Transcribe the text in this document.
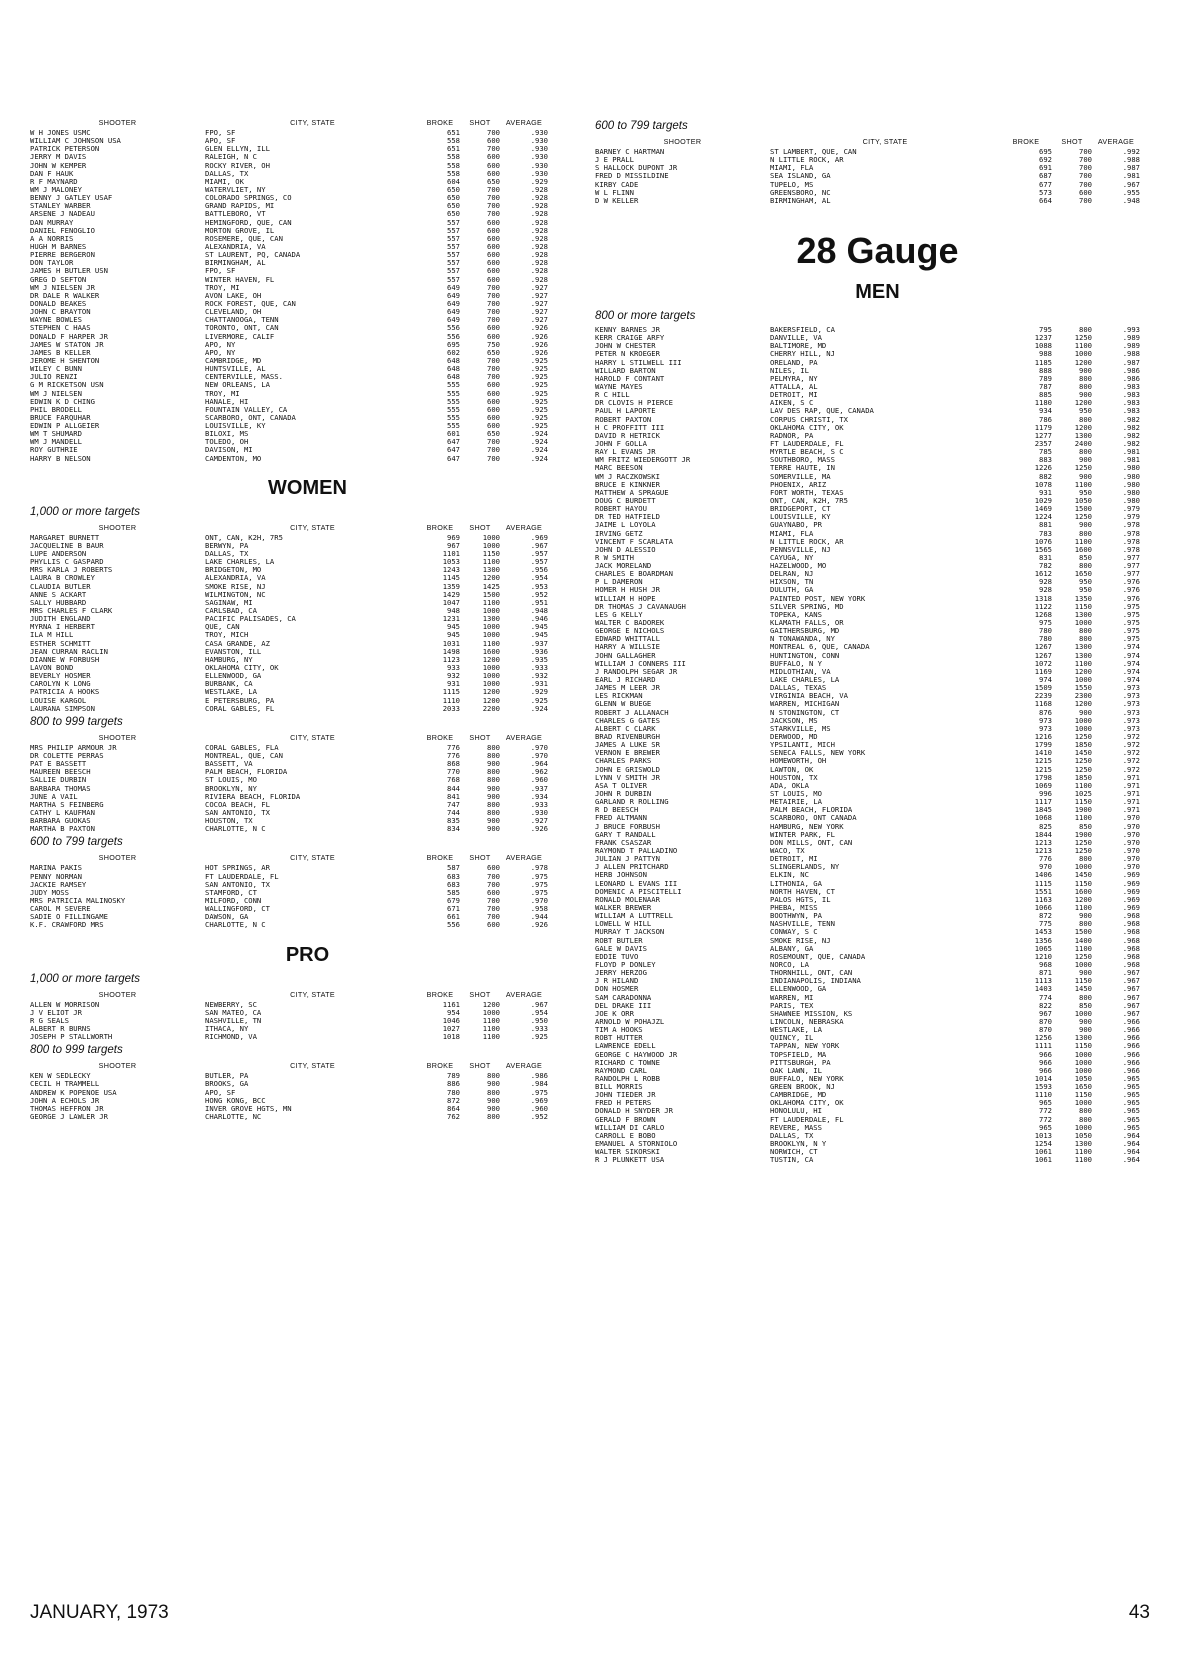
SHOOTER	CITY, STATE	BROKE	SHOT	AVERAGE
W H JONES USMC	FPO, SF	651	700	.930
WILLIAM C JOHNSON USA	APO, SF	558	600	.930
PATRICK PETERSON	GLEN ELLYN, ILL	651	700	.930
JERRY M DAVIS	RALEIGH, N C	558	600	.930
JOHN W KEMPER	ROCKY RIVER, OH	558	600	.930
DAN F HAUK	DALLAS, TX	558	600	.930
R F MAYNARD	MIAMI, OK	604	650	.929
WM J MALONEY	WATERVLIET, NY	650	700	.928
BENNY J GATLEY USAF	COLORADO SPRINGS, CO	650	700	.928
STANLEY WARBER	GRAND RAPIDS, MI	650	700	.928
ARSENE J NADEAU	BATTLEBORO, VT	650	700	.928
DAN MURRAY	HEMINGFORD, QUE, CAN	557	600	.928
DANIEL FENOGLIO	MORTON GROVE, IL	557	600	.928
A A NORRIS	ROSEMERE, QUE, CAN	557	600	.928
HUGH M BARNES	ALEXANDRIA, VA	557	600	.928
PIERRE BERGERON	ST LAURENT, PQ, CANADA	557	600	.928
DON TAYLOR	BIRMINGHAM, AL	557	600	.928
JAMES H BUTLER USN	FPO, SF	557	600	.928
GREG D SEFTON	WINTER HAVEN, FL	557	600	.928
WM J NIELSEN JR	TROY, MI	649	700	.927
DR DALE R WALKER	AVON LAKE, OH	649	700	.927
DONALD BEAKES	ROCK FOREST, QUE, CAN	649	700	.927
JOHN C BRAYTON	CLEVELAND, OH	649	700	.927
WAYNE BOWLES	CHATTANOOGA, TENN	649	700	.927
STEPHEN C HAAS	TORONTO, ONT, CAN	556	600	.926
DONALD F HARPER JR	LIVERMORE, CALIF	556	600	.926
JAMES W STATON JR	APO, NY	695	750	.926
JAMES B KELLER	APO, NY	602	650	.926
JEROME H SHENTON	CAMBRIDGE, MD	648	700	.925
WILEY C BUNN	HUNTSVILLE, AL	648	700	.925
JULIO RENZI	CENTERVILLE, MASS.	648	700	.925
G M RICKETSON USN	NEW ORLEANS, LA	555	600	.925
WM J NIELSEN	TROY, MI	555	600	.925
EDWIN K D CHING	HANALE, HI	555	600	.925
PHIL BRODELL	FOUNTAIN VALLEY, CA	555	600	.925
BRUCE FARQUHAR	SCARBORO, ONT, CANADA	555	600	.925
EDWIN P ALLGEIER	LOUISVILLE, KY	555	600	.925
WM T SHUMARD	BILOXI, MS	601	650	.924
WM J MANDELL	TOLEDO, OH	647	700	.924
ROY GUTHRIE	DAVISON, MI	647	700	.924
HARRY B NELSON	CAMDENTON, MO	647	700	.924
WOMEN
1,000 or more targets
SHOOTER	CITY, STATE	BROKE	SHOT	AVERAGE
MARGARET BURNETT	ONT, CAN, K2H, 7R5	969	1000	.969
JACQUELINE B BAUR	BERWYN, PA	967	1000	.967
LUPE ANDERSON	DALLAS, TX	1101	1150	.957
PHYLLIS C GASPARD	LAKE CHARLES, LA	1053	1100	.957
MRS KARLA J ROBERTS	BRIDGETON, MO	1243	1300	.956
LAURA B CROWLEY	ALEXANDRIA, VA	1145	1200	.954
CLAUDIA BUTLER	SMOKE RISE, NJ	1359	1425	.953
ANNE S ACKART	WILMINGTON, NC	1429	1500	.952
SALLY HUBBARD	SAGINAW, MI	1047	1100	.951
MRS CHARLES F CLARK	CARLSBAD, CA	948	1000	.948
JUDITH ENGLAND	PACIFIC PALISADES, CA	1231	1300	.946
MYRNA I HERBERT	QUE, CAN	945	1000	.945
ILA M HILL	TROY, MICH	945	1000	.945
ESTHER SCHMITT	CASA GRANDE, AZ	1031	1100	.937
JEAN CURRAN RACLIN	EVANSTON, ILL	1498	1600	.936
DIANNE W FORBUSH	HAMBURG, NY	1123	1200	.935
LAVON BOND	OKLAHOMA CITY, OK	933	1000	.933
BEVERLY HOSMER	ELLENWOOD, GA	932	1000	.932
CAROLYN K LONG	BURBANK, CA	931	1000	.931
PATRICIA A HOOKS	WESTLAKE, LA	1115	1200	.929
LOUISE KARGOL	E PETERSBURG, PA	1110	1200	.925
LAURANA SIMPSON	CORAL GABLES, FL	2033	2200	.924
800 to 999 targets
SHOOTER	CITY, STATE	BROKE	SHOT	AVERAGE
MRS PHILIP ARMOUR JR	CORAL GABLES, FLA	776	800	.970
DR COLETTE PERRAS	MONTREAL, QUE, CAN	776	800	.970
PAT E BASSETT	BASSETT, VA	868	900	.964
MAUREEN BEESCH	PALM BEACH, FLORIDA	770	800	.962
SALLIE DURBIN	ST LOUIS, MO	768	800	.960
BARBARA THOMAS	BROOKLYN, NY	844	900	.937
JUNE A VAIL	RIVIERA BEACH, FLORIDA	841	900	.934
MARTHA S FEINBERG	COCOA BEACH, FL	747	800	.933
CATHY L KAUFMAN	SAN ANTONIO, TX	744	800	.930
BARBARA GUOKAS	HOUSTON, TX	835	900	.927
MARTHA B PAXTON	CHARLOTTE, N C	834	900	.926
600 to 799 targets
SHOOTER	CITY, STATE	BROKE	SHOT	AVERAGE
MARINA PAKIS	HOT SPRINGS, AR	587	600	.978
PENNY NORMAN	FT LAUDERDALE, FL	683	700	.975
JACKIE RAMSEY	SAN ANTONIO, TX	683	700	.975
JUDY MOSS	STAMFORD, CT	585	600	.975
MRS PATRICIA MALINOSKY	MILFORD, CONN	679	700	.970
CAROL M SEVERE	WALLINGFORD, CT	671	700	.958
SADIE O FILLINGAME	DAWSON, GA	661	700	.944
K.F. CRAWFORD MRS	CHARLOTTE, N C	556	600	.926
PRO
1,000 or more targets
SHOOTER	CITY, STATE	BROKE	SHOT	AVERAGE
ALLEN W MORRISON	NEWBERRY, SC	1161	1200	.967
J V ELIOT JR	SAN MATEO, CA	954	1000	.954
R G SEALS	NASHVILLE, TN	1046	1100	.950
ALBERT R BURNS	ITHACA, NY	1027	1100	.933
JOSEPH P STALLWORTH	RICHMOND, VA	1018	1100	.925
800 to 999 targets
SHOOTER	CITY, STATE	BROKE	SHOT	AVERAGE
KEN W SEDLECKY	BUTLER, PA	789	800	.986
CECIL H TRAMMELL	BROOKS, GA	886	900	.984
ANDREW K POPENOE USA	APO, SF	780	800	.975
JOHN A ECHOLS JR	HONG KONG, BCC	872	900	.969
THOMAS HEFFRON JR	INVER GROVE HGTS, MN	864	900	.960
GEORGE J LAWLER JR	CHARLOTTE, NC	762	800	.952
600 to 799 targets
SHOOTER	CITY, STATE	BROKE	SHOT	AVERAGE
BARNEY C HARTMAN	ST LAMBERT, QUE, CAN	695	700	.992
J E PRALL	N LITTLE ROCK, AR	692	700	.988
S HALLOCK DUPONT JR	MIAMI, FLA	691	700	.987
FRED D MISSILDINE	SEA ISLAND, GA	687	700	.981
KIRBY CADE	TUPELO, MS	677	700	.967
W L FLINN	GREENSBORO, NC	573	600	.955
D W KELLER	BIRMINGHAM, AL	664	700	.948
28 Gauge
MEN
800 or more targets
KENNY BARNES JR	BAKERSFIELD, CA	795	800	.993
KERR CRAIGE ARFY	DANVILLE, VA	1237	1250	.989
JOHN W CHESTER	BALTIMORE, MD	1088	1100	.989
PETER N KROEGER	CHERRY HILL, NJ	988	1000	.988
HARRY L STILWELL III	ORELAND, PA	1185	1200	.987
WILLARD BARTON	NILES, IL	888	900	.986
HAROLD F CONTANT	PELMYRA, NY	789	800	.986
WAYNE MAYES	ATTALLA, AL	787	800	.983
R C HILL	DETROIT, MI	885	900	.983
DR CLOVIS H PIERCE	AIKEN, S C	1180	1200	.983
PAUL H LAPORTE	LAV DES RAP, QUE, CANADA	934	950	.983
ROBERT PAXTON	CORPUS CHRISTI, TX	786	800	.982
H C PROFFITT III	OKLAHOMA CITY, OK	1179	1200	.982
DAVID R HETRICK	RADNOR, PA	1277	1300	.982
JOHN F GOLLA	FT LAUDERDALE, FL	2357	2400	.982
RAY L EVANS JR	MYRTLE BEACH, S C	785	800	.981
WM FRITZ WIEDERGOTT JR	SOUTHBORO, MASS	883	900	.981
MARC BEESON	TERRE HAUTE, IN	1226	1250	.980
WM J RACZKOWSKI	SOMERVILLE, MA	882	900	.980
BRUCE E KINKNER	PHOENIX, ARIZ	1078	1100	.980
MATTHEW A SPRAGUE	FORT WORTH, TEXAS	931	950	.980
DOUG C BURDETT	ONT, CAN, K2H, 7R5	1029	1050	.980
ROBERT HAYOU	BRIDGEPORT, CT	1469	1500	.979
DR TED HATFIELD	LOUISVILLE, KY	1224	1250	.979
JAIME L LOYOLA	GUAYNABO, PR	881	900	.978
IRVING GETZ	MIAMI, FLA	783	800	.978
VINCENT F SCARLATA	N LITTLE ROCK, AR	1076	1100	.978
JOHN D ALESSIO	PENNSVILLE, NJ	1565	1600	.978
R W SMITH	CAYUGA, NY	831	850	.977
JACK MORELAND	HAZELWOOD, MO	782	800	.977
CHARLES E BOARDMAN	DELRAN, NJ	1612	1650	.977
P L DAMERON	HIXSON, TN	928	950	.976
HOMER H HUSH JR	DULUTH, GA	928	950	.976
WILLIAM H HOPE	PAINTED POST, NEW YORK	1318	1350	.976
DR THOMAS J CAVANAUGH	SILVER SPRING, MD	1122	1150	.975
LES G KELLY	TOPEKA, KANS	1268	1300	.975
WALTER C BADOREK	KLAMATH FALLS, OR	975	1000	.975
GEORGE E NICHOLS	GAITHERSBURG, MD	780	800	.975
EDWARD WHITTALL	N TONAWANDA, NY	780	800	.975
HARRY A WILLSIE	MONTREAL 6, QUE, CANADA	1267	1300	.974
JOHN GALLAGHER	HUNTINGTON, CONN	1267	1300	.974
WILLIAM J CONNERS III	BUFFALO, N Y	1072	1100	.974
J RANDOLPH SEGAR JR	MIDLOTHIAN, VA	1169	1200	.974
EARL J RICHARD	LAKE CHARLES, LA	974	1000	.974
JAMES M LEER JR	DALLAS, TEXAS	1509	1550	.973
LES RICKMAN	VIRGINIA BEACH, VA	2239	2300	.973
GLENN W BUEGE	WARREN, MICHIGAN	1168	1200	.973
ROBERT J ALLANACH	N STONINGTON, CT	876	900	.973
CHARLES G GATES	JACKSON, MS	973	1000	.973
ALBERT C CLARK	STARKVILLE, MS	973	1000	.973
BRAD RIVENBURGH	DERWOOD, MD	1216	1250	.972
JAMES A LUKE SR	YPSILANTI, MICH	1799	1850	.972
VERNON E BREWER	SENECA FALLS, NEW YORK	1410	1450	.972
CHARLES PARKS	HOMEWORTH, OH	1215	1250	.972
JOHN E GRISWOLD	LAWTON, OK	1215	1250	.972
LYNN V SMITH JR	HOUSTON, TX	1798	1850	.971
ASA T OLIVER	ADA, OKLA	1069	1100	.971
JOHN R DURBIN	ST LOUIS, MO	996	1025	.971
GARLAND R ROLLING	METAIRIE, LA	1117	1150	.971
R D BEESCH	PALM BEACH, FLORIDA	1845	1900	.971
FRED ALTMANN	SCARBORO, ONT CANADA	1068	1100	.970
J BRUCE FORBUSH	HAMBURG, NEW YORK	825	850	.970
GARY T RANDALL	WINTER PARK, FL	1844	1900	.970
FRANK CSASZAR	DON MILLS, ONT, CAN	1213	1250	.970
RAYMOND T PALLADINO	WACO, TX	1213	1250	.970
JULIAN J PATTYN	DETROIT, MI	776	800	.970
J ALLEN PRITCHARD	SLINGERLANDS, NY	970	1000	.970
HERB JOHNSON	ELKIN, NC	1406	1450	.969
LEONARD L EVANS III	LITHONIA, GA	1115	1150	.969
DOMENIC A PISCITELLI	NORTH HAVEN, CT	1551	1600	.969
RONALD MOLENAAR	PALOS HGTS, IL	1163	1200	.969
WALKER BREWER	PHEBA, MISS	1066	1100	.969
WILLIAM A LUTTRELL	BOOTHWYN, PA	872	900	.968
LOWELL W HILL	NASHVILLE, TENN	775	800	.968
MURRAY T JACKSON	CONWAY, S C	1453	1500	.968
ROBT BUTLER	SMOKE RISE, NJ	1356	1400	.968
GALE W DAVIS	ALBANY, GA	1065	1100	.968
EDDIE TUVO	ROSEMOUNT, QUE, CANADA	1210	1250	.968
FLOYD P DONLEY	NORCO, LA	968	1000	.968
JERRY HERZOG	THORNHILL, ONT, CAN	871	900	.967
J R HILAND	INDIANAPOLIS, INDIANA	1113	1150	.967
DON HOSMER	ELLENWOOD, GA	1403	1450	.967
SAM CARADONNA	WARREN, MI	774	800	.967
DEL DRAKE III	PARIS, TEX	822	850	.967
JOE K ORR	SHAWNEE MISSION, KS	967	1000	.967
ARNOLD W POHAJZL	LINCOLN, NEBRASKA	870	900	.966
TIM A HOOKS	WESTLAKE, LA	870	900	.966
ROBT HUTTER	QUINCY, IL	1256	1300	.966
LAWRENCE EDELL	TAPPAN, NEW YORK	1111	1150	.966
GEORGE C HAYWOOD JR	TOPSFIELD, MA	966	1000	.966
RICHARD C TOWNE	PITTSBURGH, PA	966	1000	.966
RAYMOND CARL	OAK LAWN, IL	966	1000	.966
RANDOLPH L ROBB	BUFFALO, NEW YORK	1014	1050	.965
BILL MORRIS	GREEN BROOK, NJ	1593	1650	.965
JOHN TIEDER JR	CAMBRIDGE, MD	1110	1150	.965
FRED H PETERS	OKLAHOMA CITY, OK	965	1000	.965
DONALD H SNYDER JR	HONOLULU, HI	772	800	.965
GERALD F BROWN	FT LAUDERDALE, FL	772	800	.965
WILLIAM DI CARLO	REVERE, MASS	965	1000	.965
CARROLL E BOBO	DALLAS, TX	1013	1050	.964
EMANUEL A STORNIOLO	BROOKLYN, N Y	1254	1300	.964
WALTER SIKORSKI	NORWICH, CT	1061	1100	.964
R J PLUNKETT USA	TUSTIN, CA	1061	1100	.964
JANUARY, 1973	43
